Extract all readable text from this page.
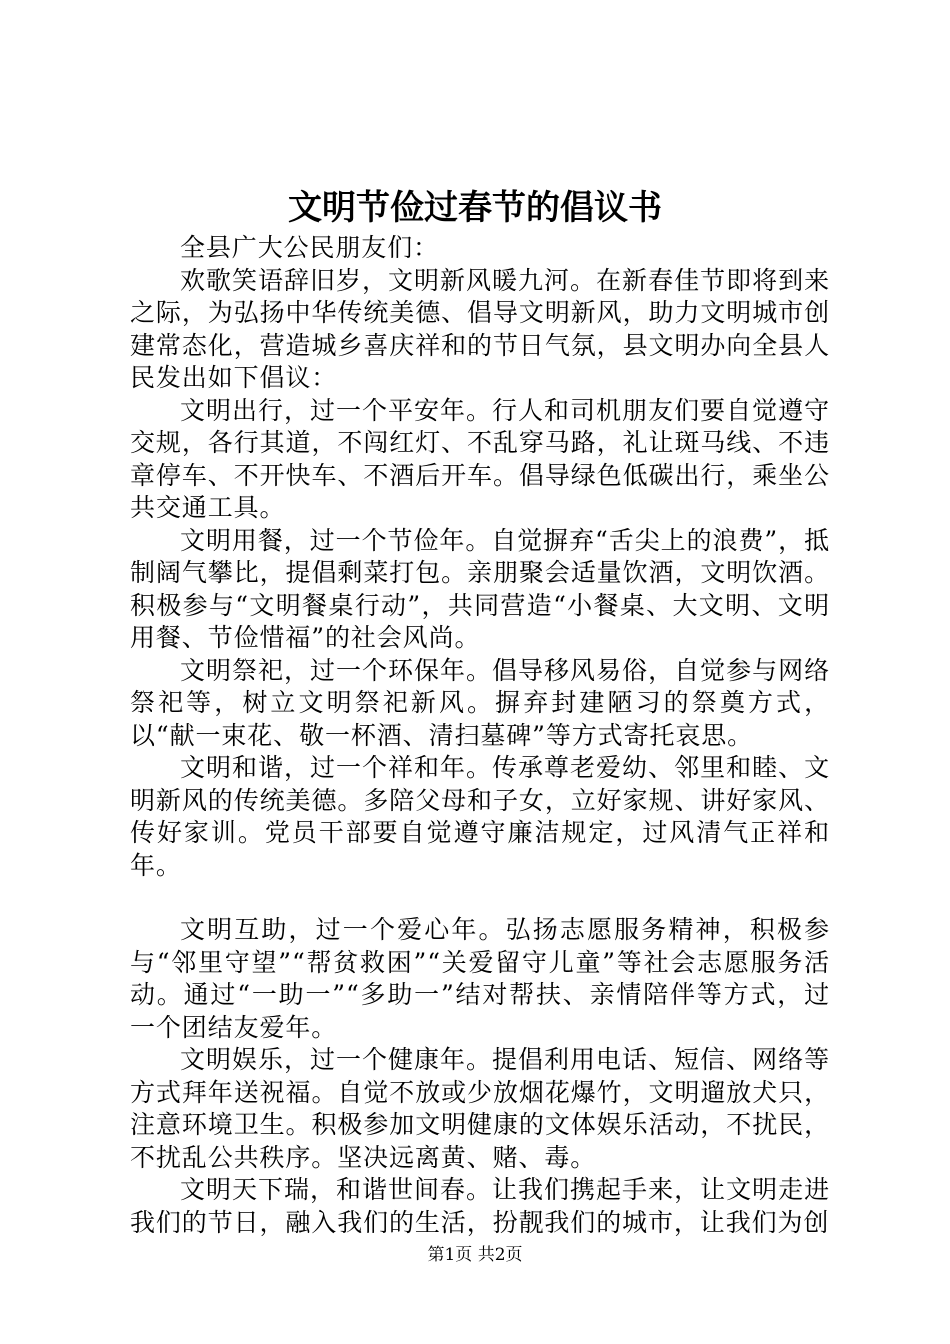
文明节俭过春节的倡议书

全县广大公民朋友们：

欢歌笑语辞旧岁，文明新风暖九河。在新春佳节即将到来之际，为弘扬中华传统美德、倡导文明新风，助力文明城市创建常态化，营造城乡喜庆祥和的节日气氛，县文明办向全县人民发出如下倡议：

文明出行，过一个平安年。行人和司机朋友们要自觉遵守交规，各行其道，不闯红灯、不乱穿马路，礼让斑马线、不违章停车、不开快车、不酒后开车。倡导绿色低碳出行，乘坐公共交通工具。

文明用餐，过一个节俭年。自觉摒弃“舌尖上的浪费”，抵制阔气攀比，提倡剩菜打包。亲朋聚会适量饮酒，文明饮酒。积极参与“文明餐桌行动”，共同营造“小餐桌、大文明、文明用餐、节俭惜福”的社会风尚。

文明祭祀，过一个环保年。倡导移风易俗，自觉参与网络祭祀等，树立文明祭祀新风。摒弃封建陋习的祭奠方式，以“献一束花、敬一杯酒、清扫墓碑”等方式寄托哀思。

文明和谐，过一个祥和年。传承尊老爱幼、邻里和睦、文明新风的传统美德。多陪父母和子女，立好家规、讲好家风、传好家训。党员干部要自觉遵守廉洁规定，过风清气正祥和年。

文明互助，过一个爱心年。弘扬志愿服务精神，积极参与“邻里守望”“帮贫救困”“关爱留守儿童”等社会志愿服务活动。通过“一助一”“多助一”结对帮扶、亲情陪伴等方式，过一个团结友爱年。

文明娱乐，过一个健康年。提倡利用电话、短信、网络等方式拜年送祝福。自觉不放或少放烟花爆竹，文明遛放犬只，注意环境卫生。积极参加文明健康的文体娱乐活动，不扰民，不扰乱公共秩序。坚决远离黄、赌、毒。

文明天下瑞，和谐世间春。让我们携起手来，让文明走进我们的节日，融入我们的生活，扮靓我们的城市，让我们为创

第1页 共2页
